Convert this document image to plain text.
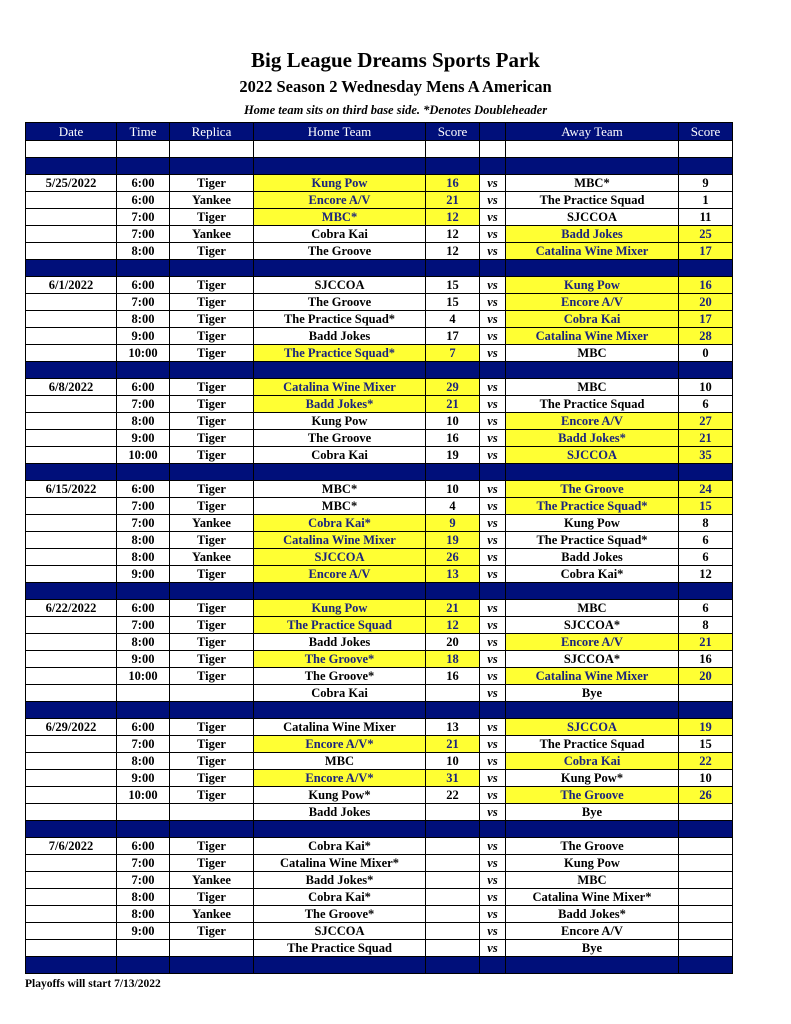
Big League Dreams Sports Park
2022 Season 2 Wednesday Mens A American
Home team sits on third base side. *Denotes Doubleheader
Date	Time	Replica	Home Team	Score		Away Team	Score

5/25/2022	6:00	Tiger	Kung Pow	16	vs	MBC*	9
	6:00	Yankee	Encore A/V	21	vs	The Practice Squad	1
	7:00	Tiger	MBC*	12	vs	SJCCOA	11
	7:00	Yankee	Cobra Kai	12	vs	Badd Jokes	25
	8:00	Tiger	The Groove	12	vs	Catalina Wine Mixer	17

6/1/2022	6:00	Tiger	SJCCOA	15	vs	Kung Pow	16
	7:00	Tiger	The Groove	15	vs	Encore A/V	20
	8:00	Tiger	The Practice Squad*	4	vs	Cobra Kai	17
	9:00	Tiger	Badd Jokes	17	vs	Catalina Wine Mixer	28
	10:00	Tiger	The Practice Squad*	7	vs	MBC	0

6/8/2022	6:00	Tiger	Catalina Wine Mixer	29	vs	MBC	10
	7:00	Tiger	Badd Jokes*	21	vs	The Practice Squad	6
	8:00	Tiger	Kung Pow	10	vs	Encore A/V	27
	9:00	Tiger	The Groove	16	vs	Badd Jokes*	21
	10:00	Tiger	Cobra Kai	19	vs	SJCCOA	35

6/15/2022	6:00	Tiger	MBC*	10	vs	The Groove	24
	7:00	Tiger	MBC*	4	vs	The Practice Squad*	15
	7:00	Yankee	Cobra Kai*	9	vs	Kung Pow	8
	8:00	Tiger	Catalina Wine Mixer	19	vs	The Practice Squad*	6
	8:00	Yankee	SJCCOA	26	vs	Badd Jokes	6
	9:00	Tiger	Encore A/V	13	vs	Cobra Kai*	12

6/22/2022	6:00	Tiger	Kung Pow	21	vs	MBC	6
	7:00	Tiger	The Practice Squad	12	vs	SJCCOA*	8
	8:00	Tiger	Badd Jokes	20	vs	Encore A/V	21
	9:00	Tiger	The Groove*	18	vs	SJCCOA*	16
	10:00	Tiger	The Groove*	16	vs	Catalina Wine Mixer	20
			Cobra Kai		vs	Bye	

6/29/2022	6:00	Tiger	Catalina Wine Mixer	13	vs	SJCCOA	19
	7:00	Tiger	Encore A/V*	21	vs	The Practice Squad	15
	8:00	Tiger	MBC	10	vs	Cobra Kai	22
	9:00	Tiger	Encore A/V*	31	vs	Kung Pow*	10
	10:00	Tiger	Kung Pow*	22	vs	The Groove	26
			Badd Jokes		vs	Bye	

7/6/2022	6:00	Tiger	Cobra Kai*		vs	The Groove	
	7:00	Tiger	Catalina Wine Mixer*		vs	Kung Pow	
	7:00	Yankee	Badd Jokes*		vs	MBC	
	8:00	Tiger	Cobra Kai*		vs	Catalina Wine Mixer*	
	8:00	Yankee	The Groove*		vs	Badd Jokes*	
	9:00	Tiger	SJCCOA		vs	Encore A/V	
			The Practice Squad		vs	Bye	

Playoffs will start 7/13/2022
